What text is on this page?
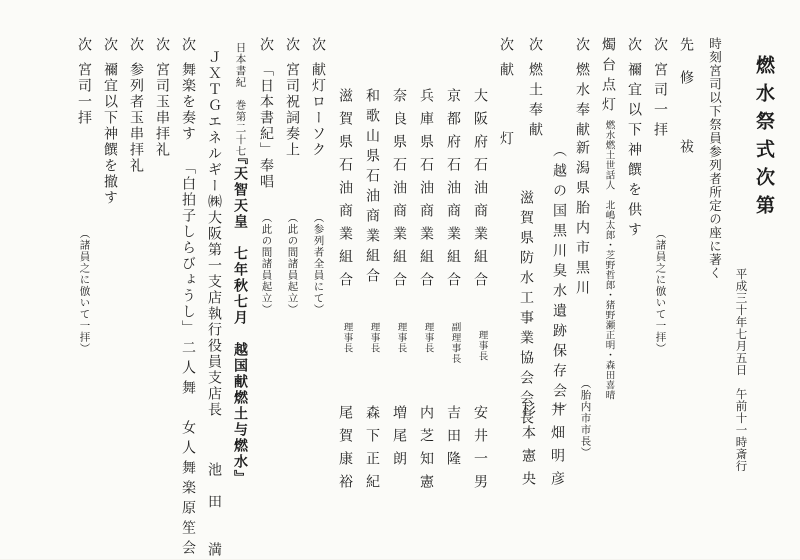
燃水祭式次第
平成三十年七月五日　午前十一時斎行
時刻宮司以下祭員参列者所定の座に著く
先
修　　祓
次
宮司一拝
（諸員之に倣いて一拝）
次
禰宜以下神饌を供す
燭台点灯
燃水燃土世話人　北嶋太郎・芝野哲郎・猪野瀬正明・森田喜晴
次
燃水奉献
新潟県胎内市黒川
井畑明彦 （胎内市市長）
（越の国黒川臭水遺跡保存会）
次
燃土奉献
滋賀県防水工事業協会会長
杉本憲央
次
献　　灯
大阪府石油商業組合
理事長
安井一男
京都府石油商業組合
副理事長
吉田隆
兵庫県石油商業組合
理事長
内芝知憲
奈良県石油商業組合
理事長
増尾朗
和歌山県石油商業組合
理事長
森下正紀
滋賀県石油商業組合
理事長
尾賀康裕
次
献灯ローソク
（参列者全員にて）
次
宮司祝詞奏上
（此の間諸員起立）
次
「日本書紀」奉唱
（此の間諸員起立）
日本書紀　巻第二十七
『天智天皇　七年秋七月　越国献燃土与燃水』
ＪＸＴＧエネルギー㈱大阪第一支店執行役員支店長
池　田　　満
次
舞楽を奏す
「白拍子しらびょうし」
二人舞　女人舞楽原笙会
次
宮司玉串拝礼
次
参列者玉串拝礼
次
禰宜以下神饌を撤す
次
宮司一拝
（諸員之に倣いて一拝）
